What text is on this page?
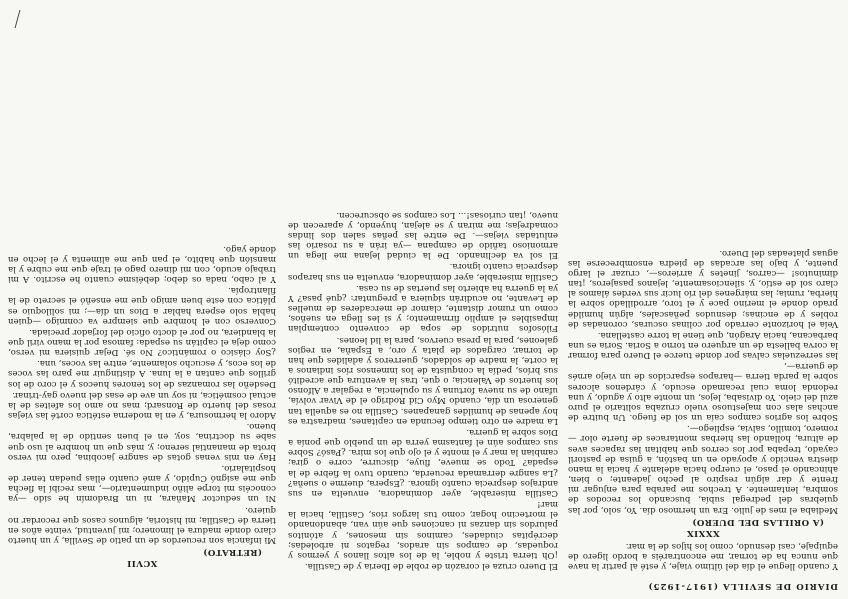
DIARIO DE SEVILLA (1917-1925)

Y cuando llegue el día del último viaje, y esté al partir la nave que nunca ha de tornar, me encontraréis a bordo ligero de equipaje, casi desnudo, como los hijos de la mar.

XXXIX
(A ORILLAS DEL DUERO)

Mediaba el mes de julio. Era un hermoso día. Yo, solo, por las quiebras del pedregal subía, buscando los recodos de sombra, lentamente. A trechos me paraba para enjugar mi frente y dar algún respiro al pecho jadeante; o bien, ahincando el paso, el cuerpo hacia adelante y hacia la mano diestra vencido y apoyado en un bastón, a guisa de pastoril cayado, trepaba por los cerros que habitan las rapaces aves de altura, hollando las hierbas montaraces de fuerte olor —romero, tomillo, salvia, espliego—.

Sobre los agrios campos caía un sol de fuego. Un buitre de anchas alas con majestuoso vuelo cruzaba solitario el puro azul del cielo. Yo divisaba, lejos, un monte alto y agudo, y una redonda loma cual recamado escudo, y cárdenos alcores sobre la parda tierra —harapos esparcidos de un viejo arnés de guerra—,

las serrezuelas calvas por donde tuerce el Duero para formar la corva ballesta de un arquero en torno a Soria. Soria es una barbacana, hacia Aragón, que tiene la torre castellana.

Veía el horizonte cerrado por colinas oscuras, coronadas de robles y de encinas; desnudos peñascales, algún humilde prado donde el merino pace y el toro, arrodillado sobre la hierba, rumia; las márgenes del río lucir sus verdes álamos al claro sol de estío, y, silenciosamente, lejanos pasajeros, ¡tan diminutos! —carros, jinetes y arrieros—, cruzar el largo puente, y bajo las arcadas de piedra ensombrecerse las aguas plateadas del Duero.

El Duero cruza el corazón de roble de Iberia y de Castilla.

¡Oh tierra triste y noble, la de los altos llanos y yermos y roquedas, de campos sin arados, regatos ni arboledas; decrépitas ciudades, caminos sin mesones, y atónitos palurdos sin danzas ni canciones que aún van, abandonando el mortecino hogar, como tus largos ríos, Castilla, hacia la mar!

Castilla miserable, ayer dominadora, envuelta en sus andrajos desprecia cuanto ignora. ¿Espera, duerme o sueña? ¿La sangre derramada recuerda, cuando tuvo la fiebre de la espada? Todo se mueve, fluye, discurre, corre o gira; cambian la mar y el monte y el ojo que los mira. ¿Pasó? Sobre sus campos aún el fantasma yerra de un pueblo que ponía a Dios sobre la guerra.

La madre en otro tiempo fecunda en capitanes, madrastra es hoy apenas de humildes ganapanes. Castilla no es aquella tan generosa un día, cuando Myo Cid Rodrigo el de Vivar volvía, ufano de su nueva fortuna y su opulencia, a regalar a Alfonso los huertos de Valencia; o que, tras la aventura que acreditó sus bríos, pedía la conquista de los inmensos ríos indianos a la corte, la madre de soldados, guerreros y adalides que han de tornar, cargados de plata y oro, a España, en regios galeones, para la presa cuervos, para la lid leones.

Filósofos nutridos de sopa de convento contemplan impasibles el amplio firmamento; y si les llega en sueños, como un rumor distante, clamor de mercaderes de muelles de Levante, no acudirán siquiera a preguntar: ¿qué pasa? Y ya la guerra ha abierto las puertas de su casa.

Castilla miserable, ayer dominadora, envuelta en sus harapos desprecia cuanto ignora.

El sol va declinando. De la ciudad lejana me llega un armonioso tañido de campana —ya irán a su rosario las enlutadas viejas—. De entre las peñas salen dos lindas comadrejas; me miran y se alejan, huyendo, y aparecen de nuevo, ¡tan curiosas!... Los campos se obscurecen.

XCVII
(RETRATO)

Mi infancia son recuerdos de un patio de Sevilla, y un huerto claro donde madura el limonero; mi juventud, veinte años en tierra de Castilla; mi historia, algunos casos que recordar no quiero.

Ni un seductor Mañara, ni un Bradomín he sido —ya conocéis mi torpe aliño indumentario—, mas recibí la flecha que me asignó Cupido, y amé cuanto ellas puedan tener de hospitalario.

Hay en mis venas gotas de sangre jacobina, pero mi verso brota de manantial sereno; y, más que un hombre al uso que sabe su doctrina, soy, en el buen sentido de la palabra, bueno.

Adoro la hermosura, y en la moderna estética corté las viejas rosas del huerto de Ronsard; mas no amo los afeites de la actual cosmética, ni soy un ave de esas del nuevo gay-trinar.

Desdeño las romanzas de los tenores huecos y el coro de los grillos que cantan a la luna. A distinguir me paro las voces de los ecos, y escucho solamente, entre las voces, una.

¿Soy clásico o romántico? No sé. Dejar quisiera mi verso, como deja el capitán su espada: famosa por la mano viril que la blandiera, no por el docto oficio del forjador preciada.

Converso con el hombre que siempre va conmigo —quien habla solo espera hablar a Dios un día—; mi soliloquio es plática con este buen amigo que me enseñó el secreto de la filantropía.

Y al cabo, nada os debo; debéisme cuanto he escrito. A mi trabajo acudo, con mi dinero pago el traje que me cubre y la mansión que habito, el pan que me alimenta y el lecho en donde yago.
